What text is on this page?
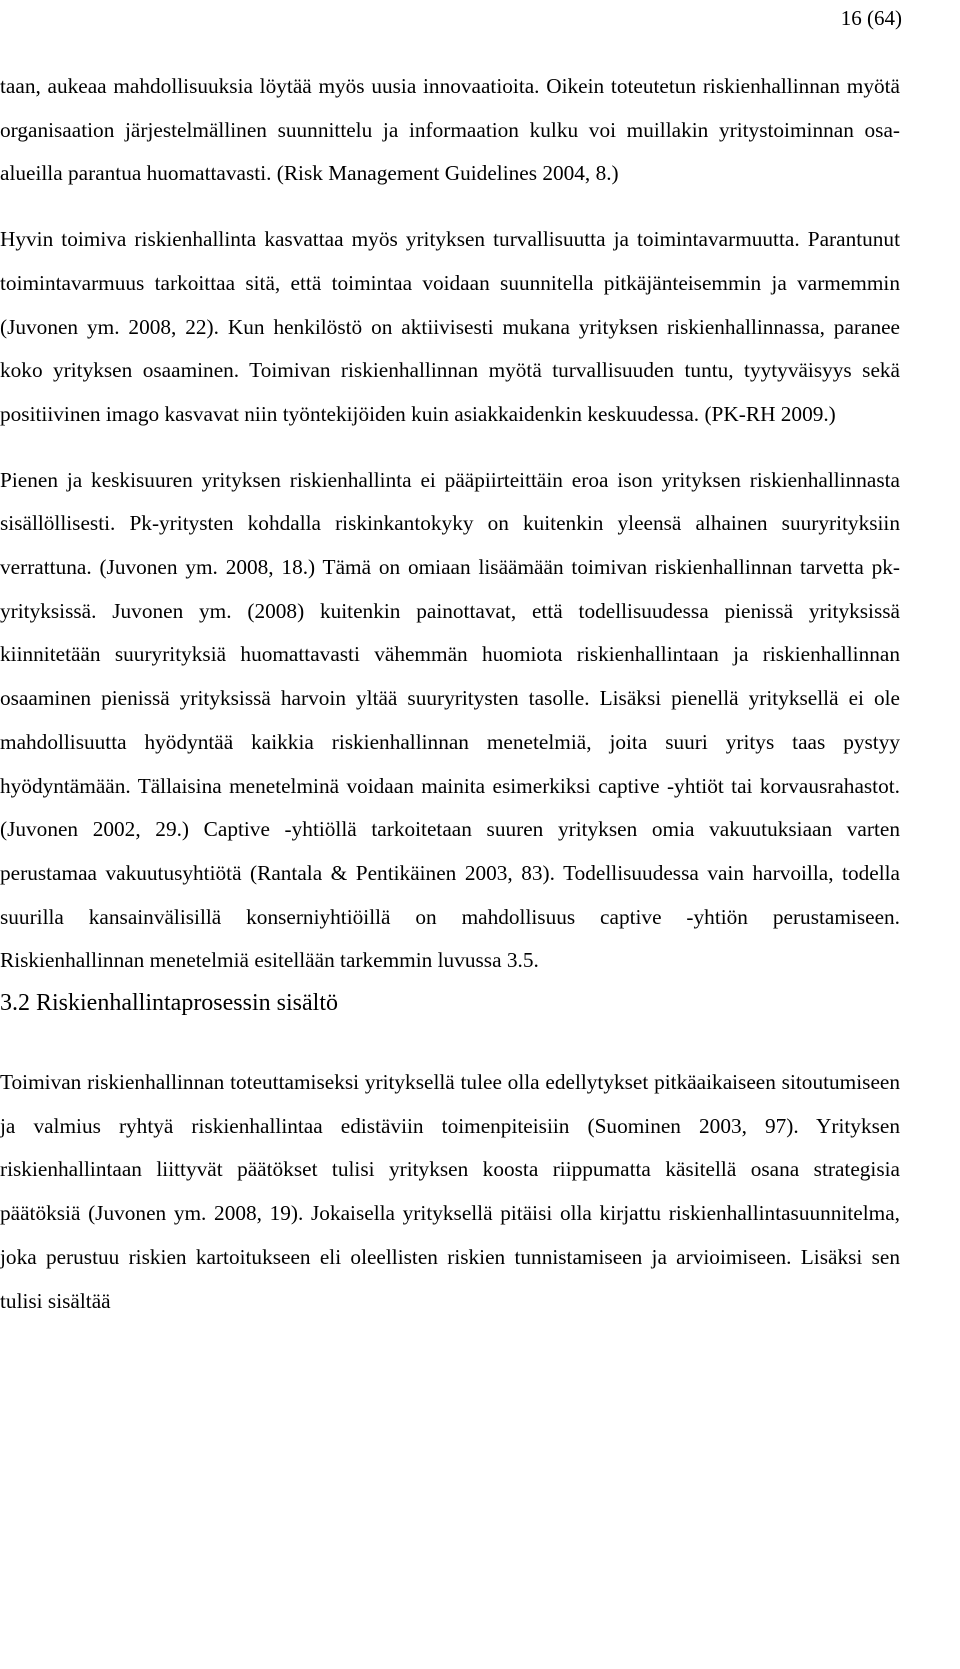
16 (64)

taan, aukeaa mahdollisuuksia löytää myös uusia innovaatioita. Oikein toteutetun riskienhallinnan myötä organisaation järjestelmällinen suunnittelu ja informaation kulku voi muillakin yritystoiminnan osa-alueilla parantua huomattavasti. (Risk Management Guidelines 2004, 8.)

Hyvin toimiva riskienhallinta kasvattaa myös yrityksen turvallisuutta ja toimintavarmuutta. Parantunut toimintavarmuus tarkoittaa sitä, että toimintaa voidaan suunnitella pitkäjänteisemmin ja varmemmin (Juvonen ym. 2008, 22). Kun henkilöstö on aktiivisesti mukana yrityksen riskienhallinnassa, paranee koko yrityksen osaaminen. Toimivan riskienhallinnan myötä turvallisuuden tuntu, tyytyväisyys sekä positiivinen imago kasvavat niin työntekijöiden kuin asiakkaidenkin keskuudessa. (PK-RH 2009.)

Pienen ja keskisuuren yrityksen riskienhallinta ei pääpiirteittäin eroa ison yrityksen riskienhallinnasta sisällöllisesti. Pk-yritysten kohdalla riskinkantokyky on kuitenkin yleensä alhainen suuryrityksiin verrattuna. (Juvonen ym. 2008, 18.) Tämä on omiaan lisäämään toimivan riskienhallinnan tarvetta pk-yrityksissä. Juvonen ym. (2008) kuitenkin painottavat, että todellisuudessa pienissä yrityksissä kiinnitetään suuryrityksiä huomattavasti vähemmän huomiota riskienhallintaan ja riskienhallinnan osaaminen pienissä yrityksissä harvoin yltää suuryritysten tasolle. Lisäksi pienellä yrityksellä ei ole mahdollisuutta hyödyntää kaikkia riskienhallinnan menetelmiä, joita suuri yritys taas pystyy hyödyntämään. Tällaisina menetelminä voidaan mainita esimerkiksi captive -yhtiöt tai korvausrahastot. (Juvonen 2002, 29.) Captive -yhtiöllä tarkoitetaan suuren yrityksen omia vakuutuksiaan varten perustamaa vakuutusyhtiötä (Rantala & Pentikäinen 2003, 83). Todellisuudessa vain harvoilla, todella suurilla kansainvälisillä konserniyhtiöillä on mahdollisuus captive -yhtiön perustamiseen. Riskienhallinnan menetelmiä esitellään tarkemmin luvussa 3.5.

3.2 Riskienhallintaprosessin sisältö

Toimivan riskienhallinnan toteuttamiseksi yrityksellä tulee olla edellytykset pitkäaikaiseen sitoutumiseen ja valmius ryhtyä riskienhallintaa edistäviin toimenpiteisiin (Suominen 2003, 97). Yrityksen riskienhallintaan liittyvät päätökset tulisi yrityksen koosta riippumatta käsitellä osana strategisia päätöksiä (Juvonen ym. 2008, 19). Jokaisella yrityksellä pitäisi olla kirjattu riskienhallintasuunnitelma, joka perustuu riskien kartoitukseen eli oleellisten riskien tunnistamiseen ja arvioimiseen. Lisäksi sen tulisi sisältää
